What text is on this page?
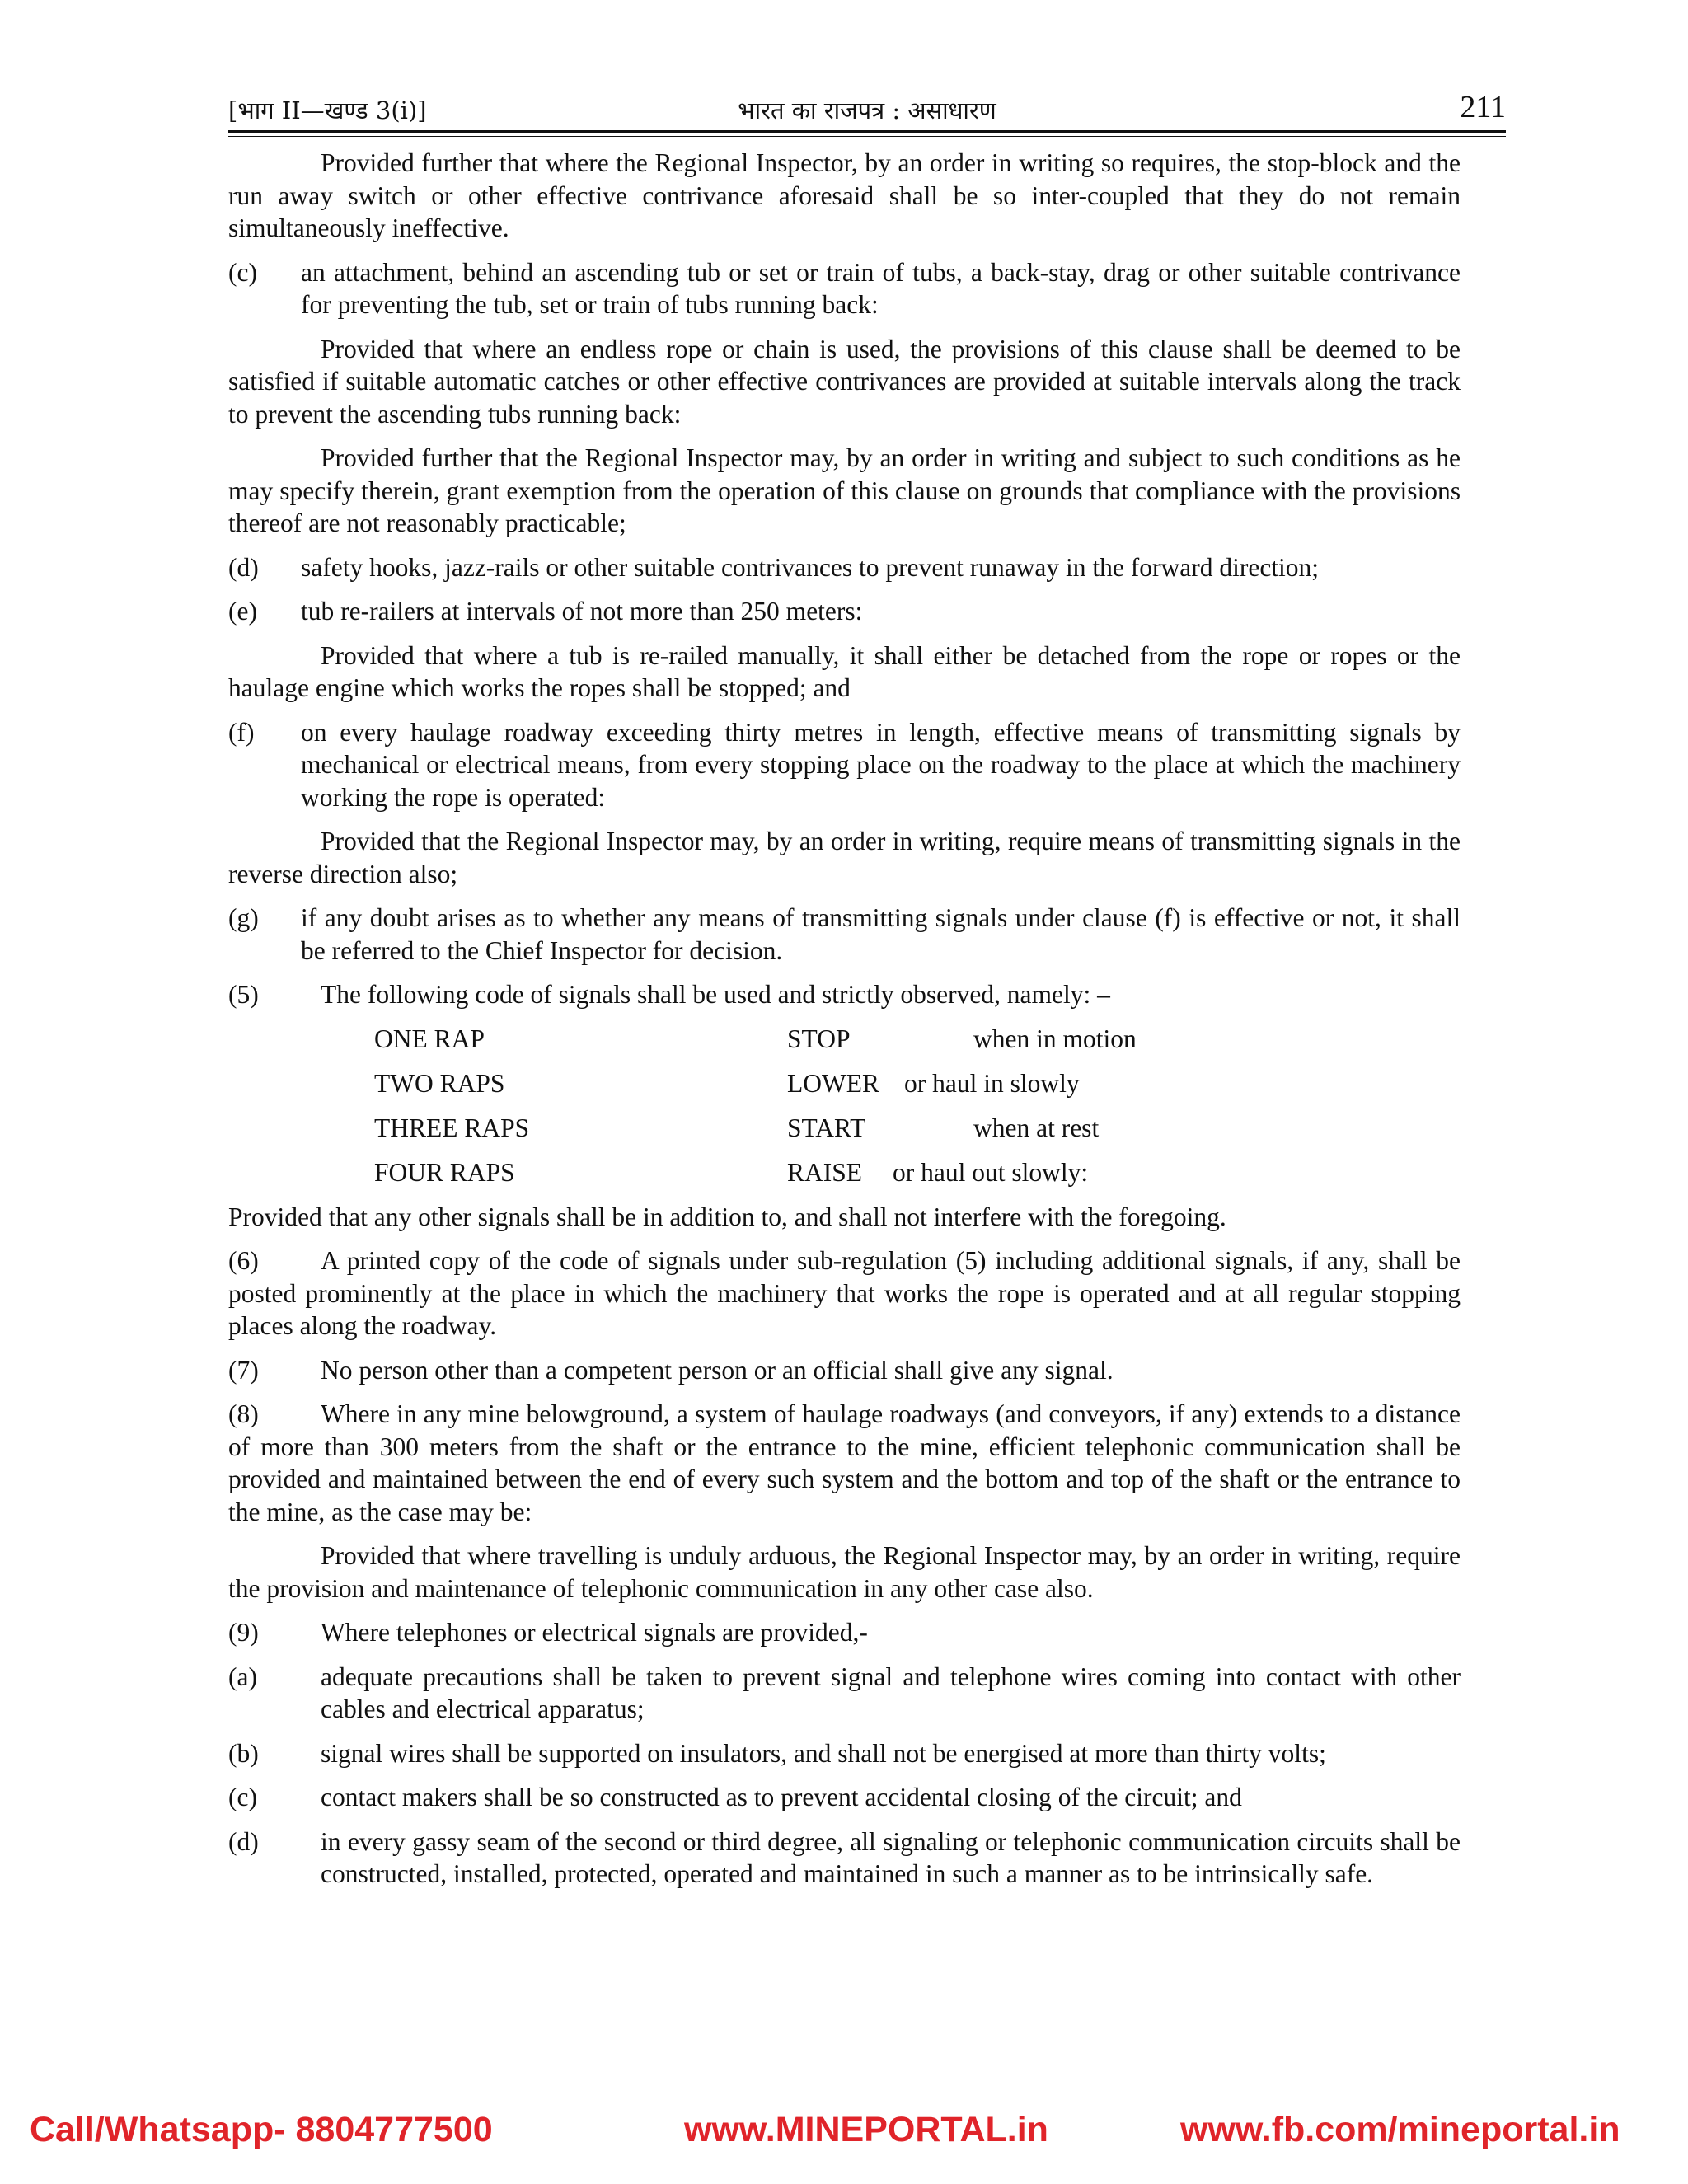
[भाग II—खण्ड 3(i)]	भारत का राजपत्र : असाधारण	211

Provided further that where the Regional Inspector, by an order in writing so requires, the stop-block and the run away switch or other effective contrivance aforesaid shall be so inter-coupled that they do not remain simultaneously ineffective.

(c)	an attachment, behind an ascending tub or set or train of tubs, a back-stay, drag or other suitable contrivance for preventing the tub, set or train of tubs running back:

Provided that where an endless rope or chain is used, the provisions of this clause shall be deemed to be satisfied if suitable automatic catches or other effective contrivances are provided at suitable intervals along the track to prevent the ascending tubs running back:

Provided further that the Regional Inspector may, by an order in writing and subject to such conditions as he may specify therein, grant exemption from the operation of this clause on grounds that compliance with the provisions thereof are not reasonably practicable;

(d)	safety hooks, jazz-rails or other suitable contrivances to prevent runaway in the forward direction;
(e)	tub re-railers at intervals of not more than 250 meters:

Provided that where a tub is re-railed manually, it shall either be detached from the rope or ropes or the haulage engine which works the ropes shall be stopped; and

(f)	on every haulage roadway exceeding thirty metres in length, effective means of transmitting signals by mechanical or electrical means, from every stopping place on the roadway to the place at which the machinery working the rope is operated:

Provided that the Regional Inspector may, by an order in writing, require means of transmitting signals in the reverse direction also;

(g)	if any doubt arises as to whether any means of transmitting signals under clause (f) is effective or not, it shall be referred to the Chief Inspector for decision.
(5)	The following code of signals shall be used and strictly observed, namely: –
ONE RAP	STOP	when in motion
TWO RAPS	LOWER or haul in slowly
THREE RAPS	START	when at rest
FOUR RAPS	RAISE or haul out slowly:

Provided that any other signals shall be in addition to, and shall not interfere with the foregoing.

(6) A printed copy of the code of signals under sub-regulation (5) including additional signals, if any, shall be posted prominently at the place in which the machinery that works the rope is operated and at all regular stopping places along the roadway.

(7)	No person other than a competent person or an official shall give any signal.

(8) Where in any mine belowground, a system of haulage roadways (and conveyors, if any) extends to a distance of more than 300 meters from the shaft or the entrance to the mine, efficient telephonic communication shall be provided and maintained between the end of every such system and the bottom and top of the shaft or the entrance to the mine, as the case may be:

Provided that where travelling is unduly arduous, the Regional Inspector may, by an order in writing, require the provision and maintenance of telephonic communication in any other case also.

(9)	Where telephones or electrical signals are provided,-
(a)	adequate precautions shall be taken to prevent signal and telephone wires coming into contact with other cables and electrical apparatus;
(b)	signal wires shall be supported on insulators, and shall not be energised at more than thirty volts;
(c)	contact makers shall be so constructed as to prevent accidental closing of the circuit; and
(d)	in every gassy seam of the second or third degree, all signaling or telephonic communication circuits shall be constructed, installed, protected, operated and maintained in such a manner as to be intrinsically safe.
Call/Whatsapp- 8804777500	www.MINEPORTAL.in	www.fb.com/mineportal.in
